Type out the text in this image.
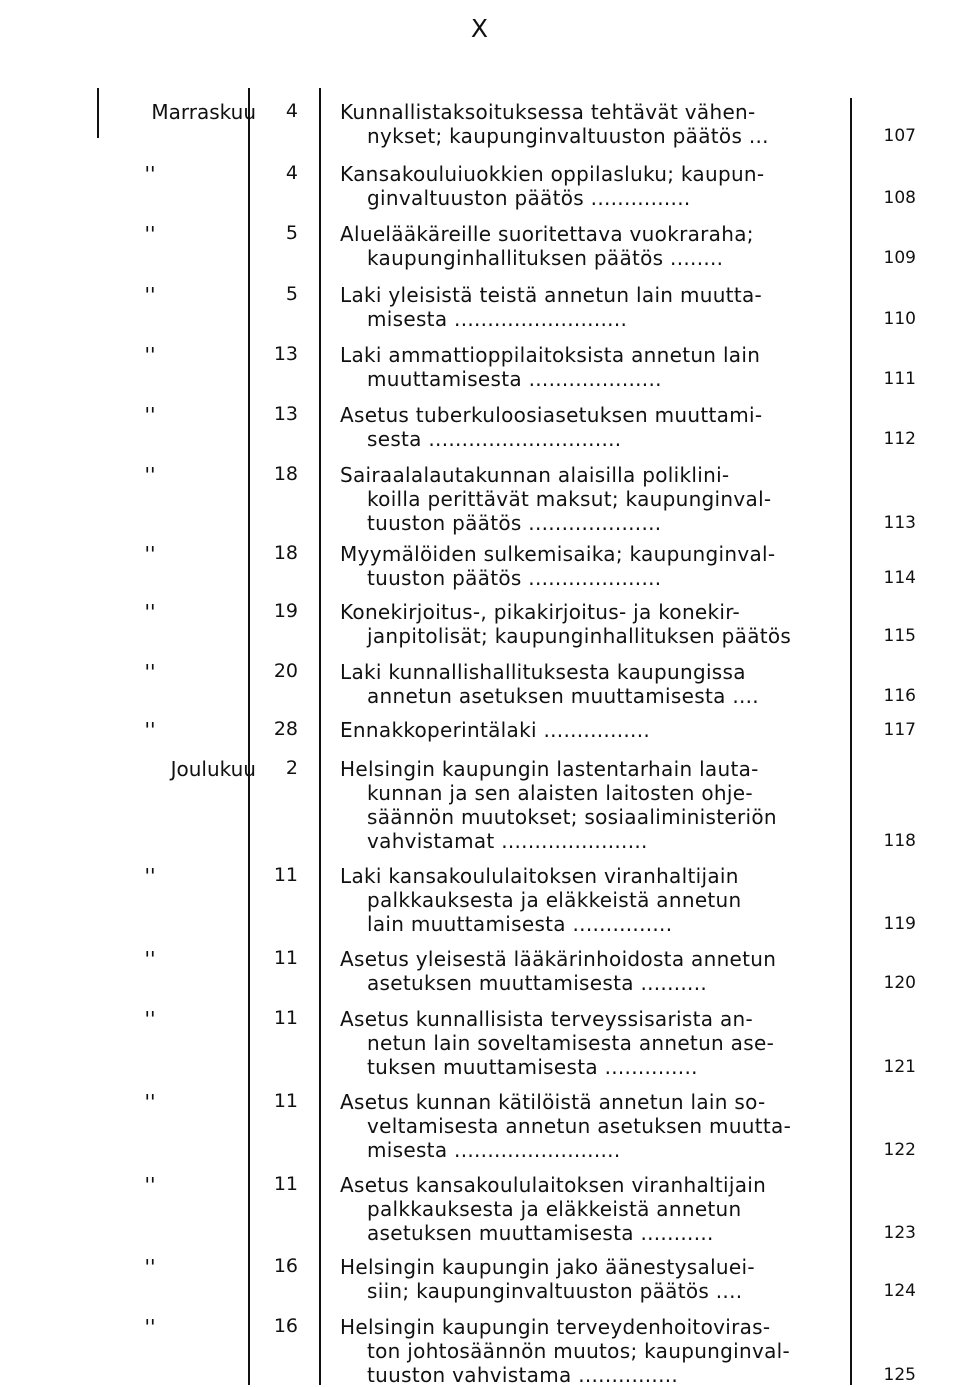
X
Marraskuu	4 Kunnallistaksoituksessa tehtävät vähen-
nykset; kaupunginvaltuuston päätös ...	107
''	4 Kansakouluiuokkien oppilasluku; kaupun-
ginvaltuuston päätös ...............	108
''	5 Aluelääkäreille suoritettava vuokraraha;
kaupunginhallituksen päätös ........	109
''	5 Laki yleisistä teistä annetun lain muutta-
misesta ..........................	110
''	13 Laki ammattioppilaitoksista annetun lain
muuttamisesta ....................	111
''	13 Asetus tuberkuloosiasetuksen muuttami-
sesta .............................	112
''	18 Sairaalalautakunnan alaisilla poliklini-
koilla perittävät maksut; kaupunginval-
tuuston päätös ....................	113
''	18 Myymälöiden sulkemisaika; kaupunginval-
tuuston päätös ....................	114
''	19 Konekirjoitus-, pikakirjoitus- ja konekir-
janpitolisät; kaupunginhallituksen päätös	115
''	20 Laki kunnallishallituksesta kaupungissa
annetun asetuksen muuttamisesta ....	116
''	28 Ennakkoperintälaki ................	117
Joulukuu	2 Helsingin kaupungin lastentarhain lauta-
kunnan ja sen alaisten laitosten ohje-
säännön muutokset; sosiaaliministeriön
vahvistamat ......................	118
''	11 Laki kansakoululaitoksen viranhaltijain
palkkauksesta ja eläkkeistä annetun
lain muuttamisesta ...............	119
''	11 Asetus yleisestä lääkärinhoidosta annetun
asetuksen muuttamisesta ..........	120
''	11 Asetus kunnallisista terveyssisarista an-
netun lain soveltamisesta annetun ase-
tuksen muuttamisesta ..............	121
''	11 Asetus kunnan kätilöistä annetun lain so-
veltamisesta annetun asetuksen muutta-
misesta .........................	122
''	11 Asetus kansakoululaitoksen viranhaltijain
palkkauksesta ja eläkkeistä annetun
asetuksen muuttamisesta ...........	123
''	16 Helsingin kaupungin jako äänestysaluei-
siin; kaupunginvaltuuston päätös ....	124
''	16 Helsingin kaupungin terveydenhoitoviras-
ton johtosäännön muutos; kaupunginval-
tuuston vahvistama ...............	125
